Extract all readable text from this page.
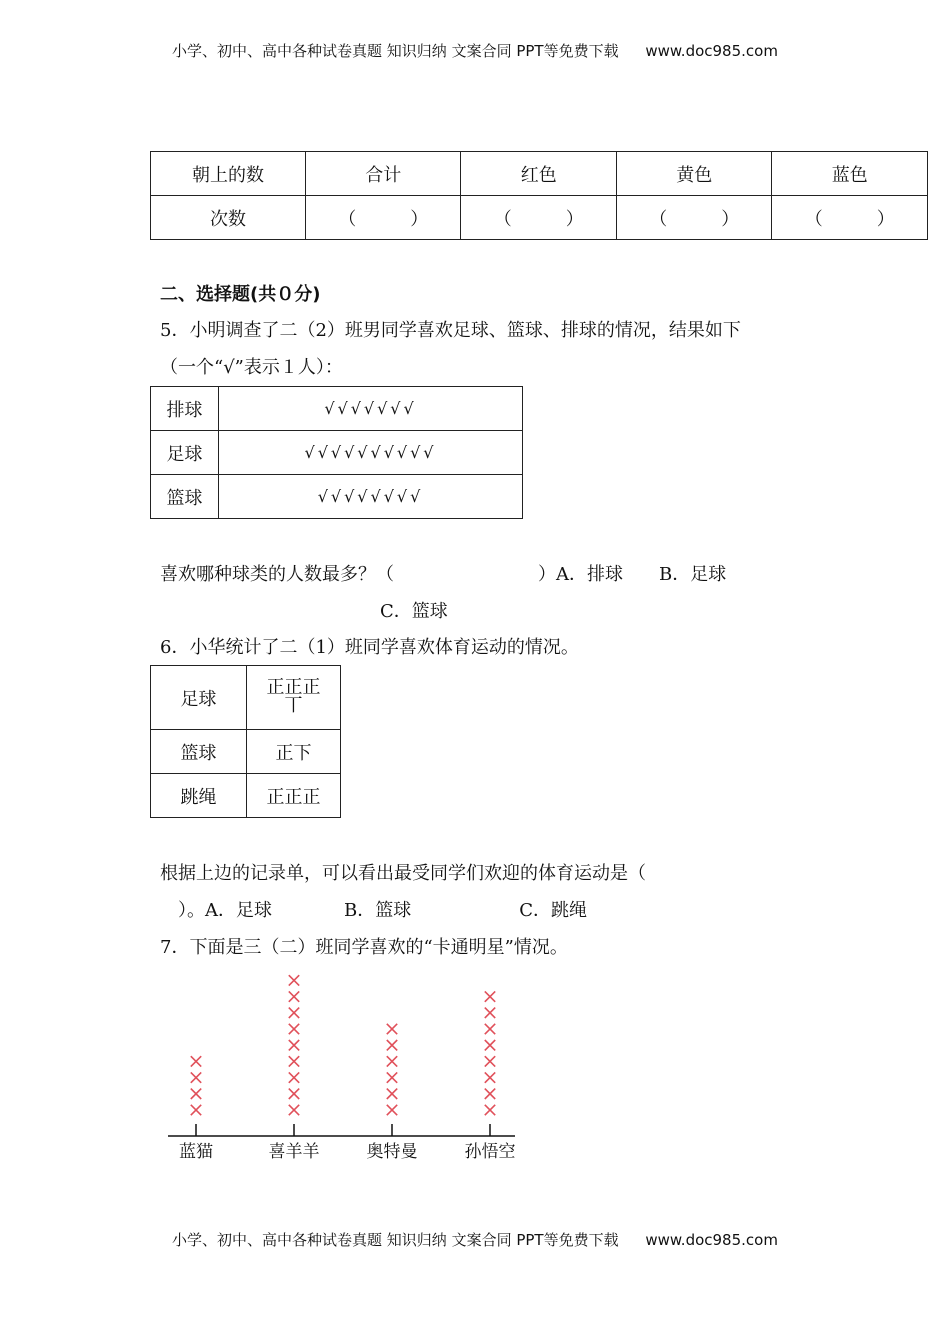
小学、初中、高中各种试卷真题 知识归纳 文案合同 PPT等免费下载 www.doc985.com
朝上的数	合计	红色	黄色	蓝色
次数	（　　　）	（　　　）	（　　　）	（　　　）
二、选择题(共０分)
5．小明调查了二（2）班男同学喜欢足球、篮球、排球的情况，结果如下
（一个“√”表示１人）：
排球	√√√√√√√
足球	√√√√√√√√√√
篮球	√√√√√√√√
喜欢哪种球类的人数最多？（　　　　　　　　）A．排球　　B．足球
C．篮球
6．小华统计了二（1）班同学喜欢体育运动的情况。
足球	正正正
丅
篮球	正下
跳绳	正正正
根据上边的记录单，可以看出最受同学们欢迎的体育运动是（
　）。A．足球　　　　B．篮球　　　　　　C．跳绳
7．下面是三（二）班同学喜欢的“卡通明星”情况。
蓝猫	喜羊羊	奥特曼	孙悟空
小学、初中、高中各种试卷真题 知识归纳 文案合同 PPT等免费下载 www.doc985.com
